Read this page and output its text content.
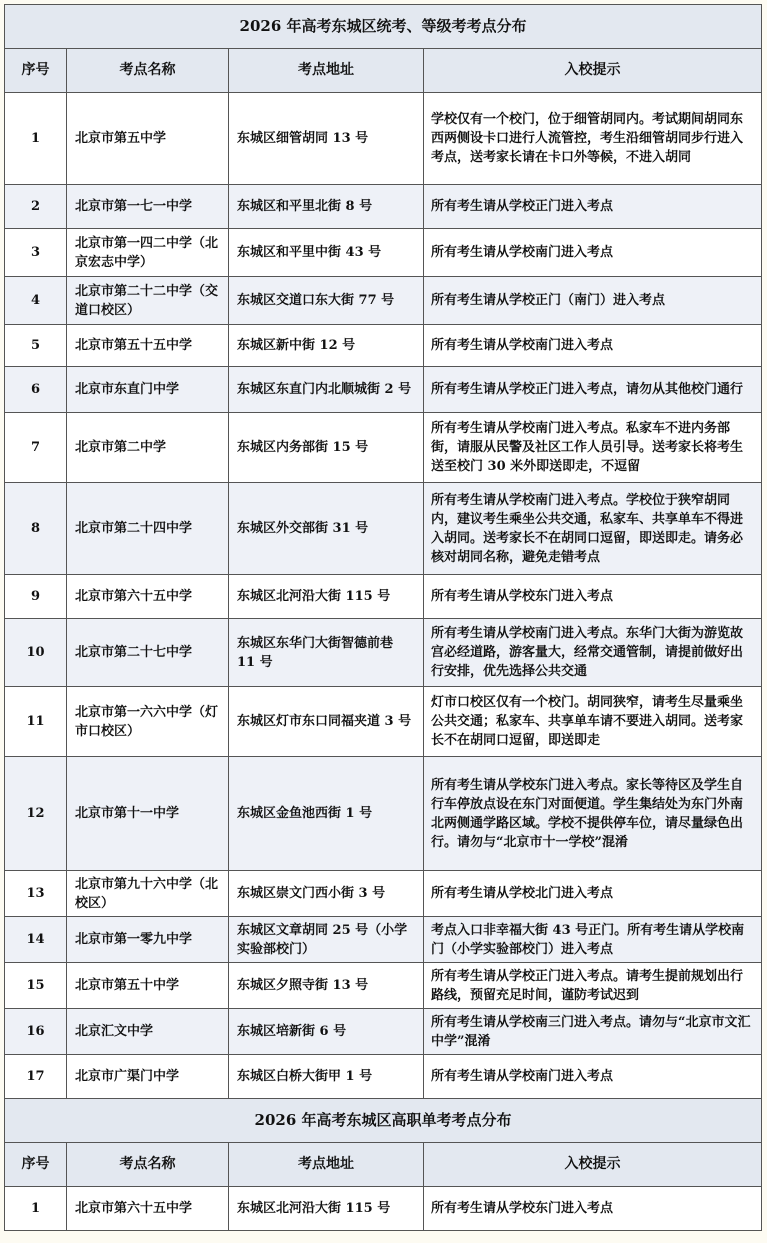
2026 年高考东城区统考、等级考考点分布			
序号	考点名称	考点地址	入校提示
1	北京市第五中学	东城区细管胡同 13 号	学校仅有一个校门，位于细管胡同内。考试期间胡同东西两侧设卡口进行人流管控，考生沿细管胡同步行进入考点，送考家长请在卡口外等候，不进入胡同
2	北京市第一七一中学	东城区和平里北街 8 号	所有考生请从学校正门进入考点
3	北京市第一四二中学（北京宏志中学）	东城区和平里中街 43 号	所有考生请从学校南门进入考点
4	北京市第二十二中学（交道口校区）	东城区交道口东大街 77 号	所有考生请从学校正门（南门）进入考点
5	北京市第五十五中学	东城区新中街 12 号	所有考生请从学校南门进入考点
6	北京市东直门中学	东城区东直门内北顺城街 2 号	所有考生请从学校正门进入考点，请勿从其他校门通行
7	北京市第二中学	东城区内务部街 15 号	所有考生请从学校南门进入考点。私家车不进内务部街，请服从民警及社区工作人员引导。送考家长将考生送至校门 30 米外即送即走，不逗留
8	北京市第二十四中学	东城区外交部街 31 号	所有考生请从学校南门进入考点。学校位于狭窄胡同内，建议考生乘坐公共交通，私家车、共享单车不得进入胡同。送考家长不在胡同口逗留，即送即走。请务必核对胡同名称，避免走错考点
9	北京市第六十五中学	东城区北河沿大街 115 号	所有考生请从学校东门进入考点
10	北京市第二十七中学	东城区东华门大街智德前巷 11 号	所有考生请从学校南门进入考点。东华门大街为游览故宫必经道路，游客量大，经常交通管制，请提前做好出行安排，优先选择公共交通
11	北京市第一六六中学（灯市口校区）	东城区灯市东口同福夹道 3 号	灯市口校区仅有一个校门。胡同狭窄，请考生尽量乘坐公共交通；私家车、共享单车请不要进入胡同。送考家长不在胡同口逗留，即送即走
12	北京市第十一中学	东城区金鱼池西街 1 号	所有考生请从学校东门进入考点。家长等待区及学生自行车停放点设在东门对面便道。学生集结处为东门外南北两侧通学路区域。学校不提供停车位，请尽量绿色出行。请勿与“北京市十一学校”混淆
13	北京市第九十六中学（北校区）	东城区崇文门西小街 3 号	所有考生请从学校北门进入考点
14	北京市第一零九中学	东城区文章胡同 25 号（小学实验部校门）	考点入口非幸福大街 43 号正门。所有考生请从学校南门（小学实验部校门）进入考点
15	北京市第五十中学	东城区夕照寺街 13 号	所有考生请从学校正门进入考点。请考生提前规划出行路线，预留充足时间，谨防考试迟到
16	北京汇文中学	东城区培新街 6 号	所有考生请从学校南三门进入考点。请勿与“北京市文汇中学”混淆
17	北京市广渠门中学	东城区白桥大街甲 1 号	所有考生请从学校南门进入考点
2026 年高考东城区高职单考考点分布			
序号	考点名称	考点地址	入校提示
1	北京市第六十五中学	东城区北河沿大街 115 号	所有考生请从学校东门进入考点
